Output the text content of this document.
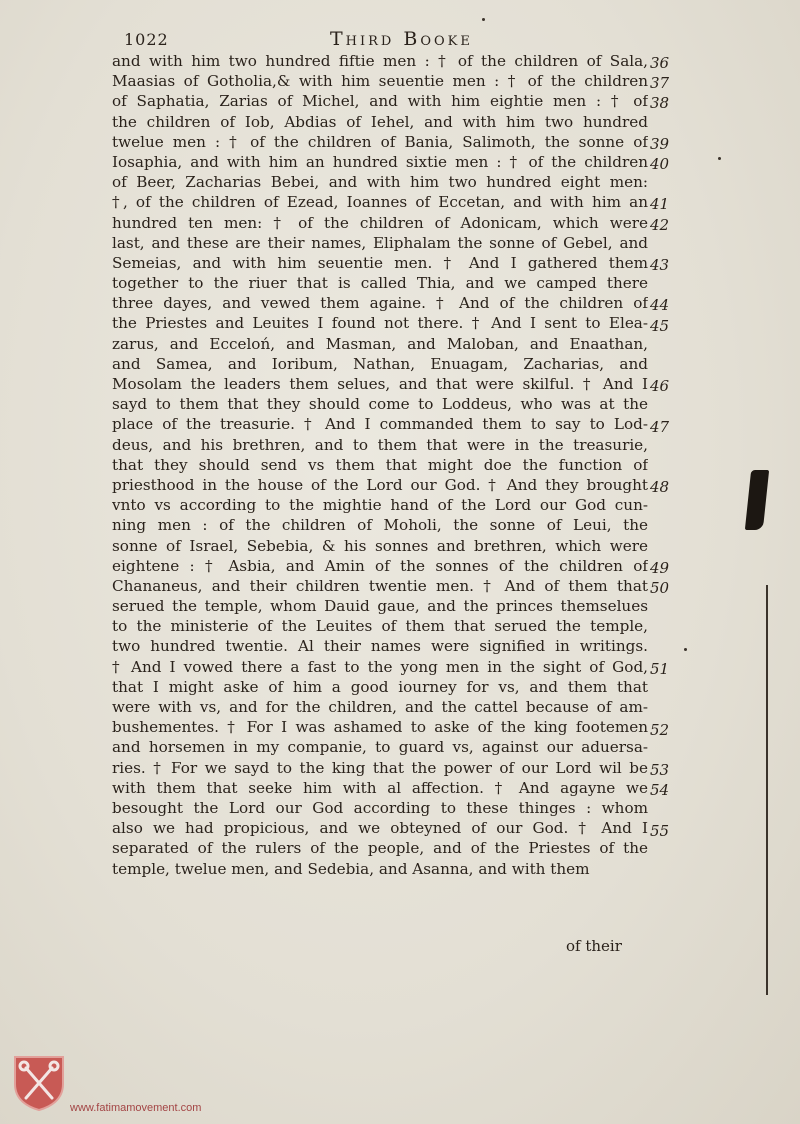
1022	Third Booke
and with him two hundred fiftie men : † of the children of Sala,
Maasias of Gotholia,& with him seuentie men : † of the children
of Saphatia, Zarias of Michel, and with him eightie men : † of
the children of Iob, Abdias of Iehel, and with him two hundred
twelue men : † of the children of Bania, Salimoth, the sonne of
Iosaphia, and with him an hundred sixtie men : † of the children
of Beer, Zacharias Bebei, and with him two hundred eight men:
†, of the children of Ezead, Ioannes of Eccetan, and with him an
hundred ten men: † of the children of Adonicam, which were
last, and these are their names, Eliphalam the sonne of Gebel, and
Semeias, and with him seuentie men. † And I gathered them
together to the riuer that is called Thia, and we camped there
three dayes, and vewed them againe. † And of the children of
the Priestes and Leuites I found not there. † And I sent to Elea-
zarus, and Ecceloń, and Masman, and Maloban, and Enaathan,
and Samea, and Ioribum, Nathan, Enuagam, Zacharias, and
Mosolam the leaders them selues, and that were skilful. † And I
sayd to them that they should come to Loddeus, who was at the
place of the treasurie. † And I commanded them to say to Lod-
deus, and his brethren, and to them that were in the treasurie,
that they should send vs them that might doe the function of
priesthood in the house of the Lord our God. † And they brought
vnto vs according to the mightie hand of the Lord our God cun-
ning men : of the children of Moholi, the sonne of Leui, the
sonne of Israel, Sebebia, & his sonnes and brethren, which were
eightene : † Asbia, and Amin of the sonnes of the children of
Chananeus, and their children twentie men. † And of them that
serued the temple, whom Dauid gaue, and the princes themselues
to the ministerie of the Leuites of them that serued the temple,
two hundred twentie. Al their names were signified in writings.
† And I vowed there a fast to the yong men in the sight of God,
that I might aske of him a good iourney for vs, and them that
were with vs, and for the children, and the cattel because of am-
bushementes. † For I was ashamed to aske of the king footemen
and horsemen in my companie, to guard vs, against our aduersa-
ries. † For we sayd to the king that the power of our Lord wil be
with them that seeke him with al affection. † And agayne we
besought the Lord our God according to these thinges : whom
also we had propicious, and we obteyned of our God. † And I
separated of the rulers of the people, and of the Priestes of the
temple, twelue men, and Sedebia, and Asanna, and with them
36
37
38
39
40
41
42
43
44
45
46
47
48
49
50
51
52
53
54
55
of their
www.fatimamovement.com
